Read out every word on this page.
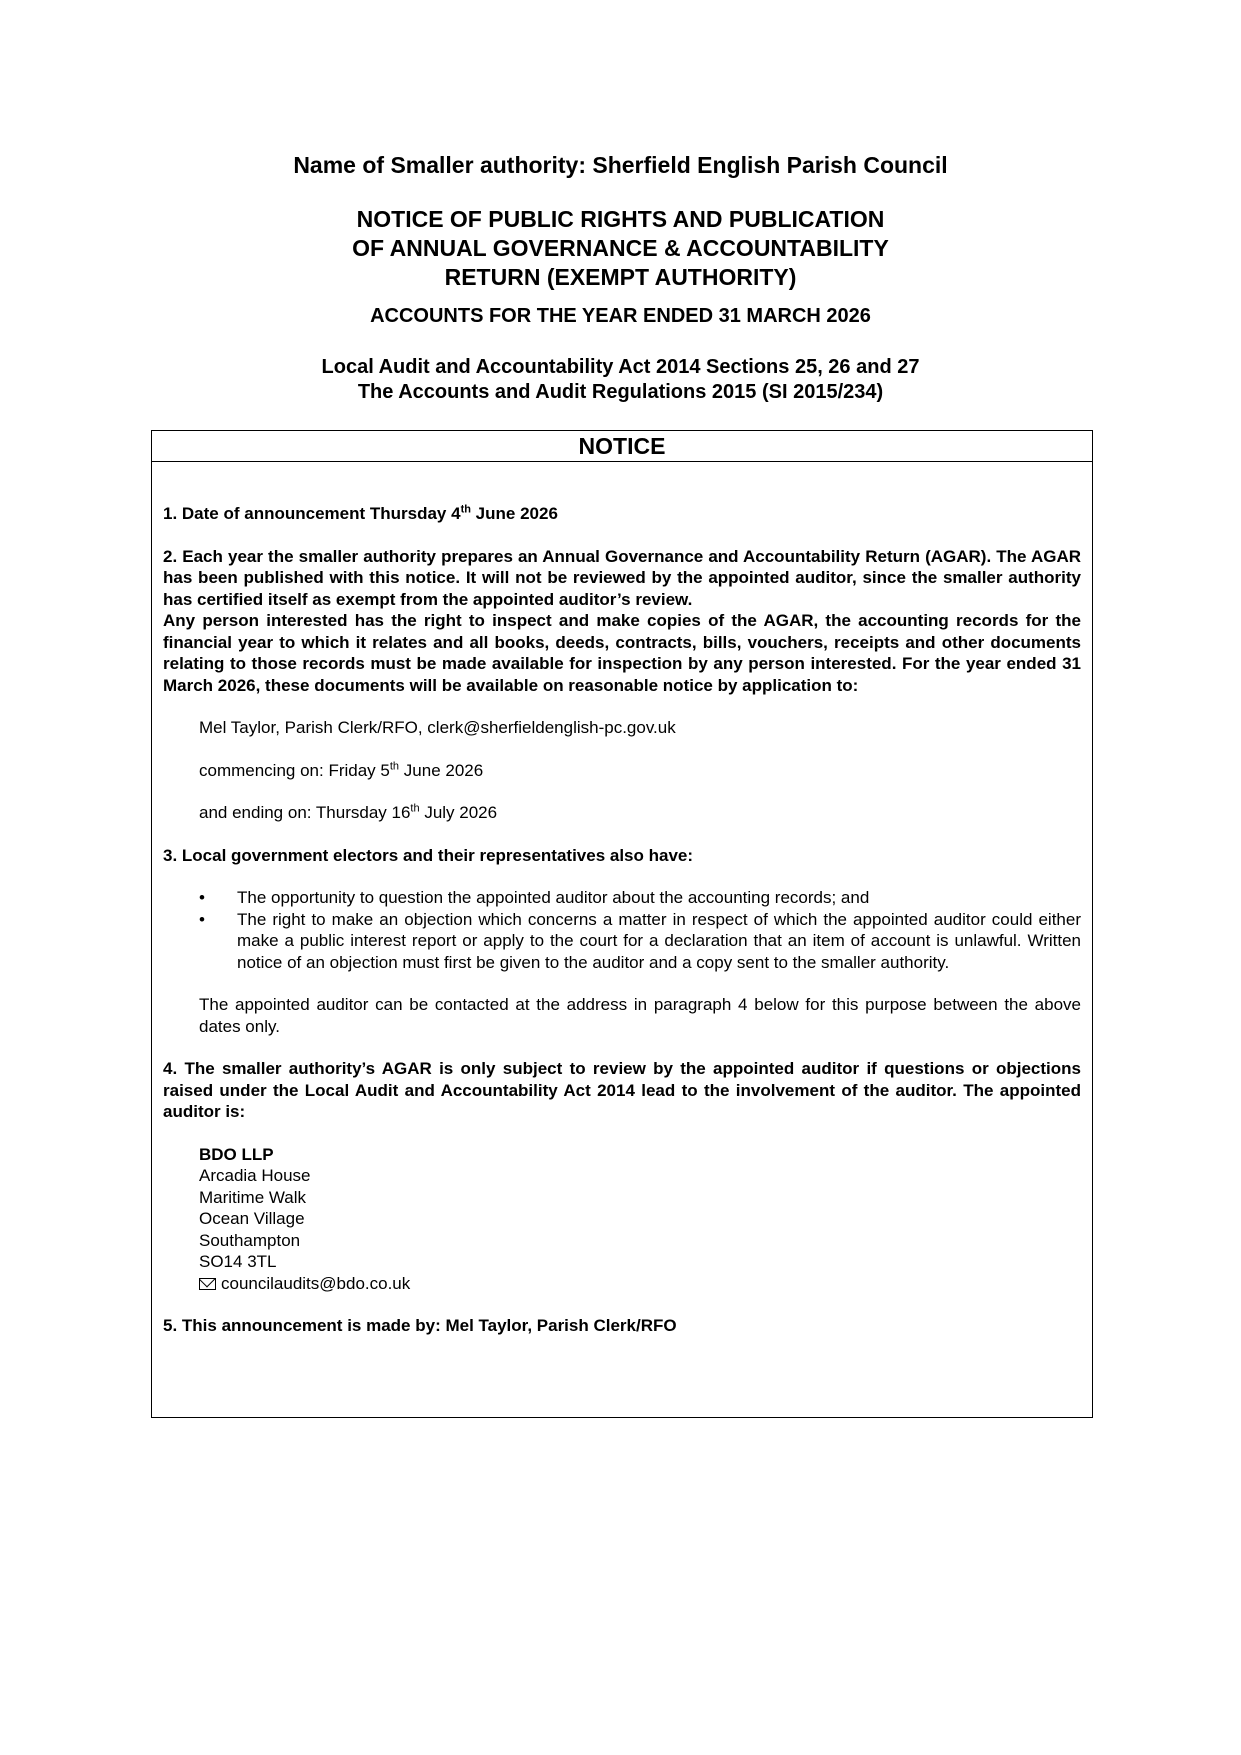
Name of Smaller authority: Sherfield English Parish Council
NOTICE OF PUBLIC RIGHTS AND PUBLICATION
OF ANNUAL GOVERNANCE & ACCOUNTABILITY
RETURN (EXEMPT AUTHORITY)
ACCOUNTS FOR THE YEAR ENDED 31 MARCH 2026
Local Audit and Accountability Act 2014 Sections 25, 26 and 27
The Accounts and Audit Regulations 2015 (SI 2015/234)
NOTICE

1. Date of announcement Thursday 4th June 2026

2. Each year the smaller authority prepares an Annual Governance and Accountability Return (AGAR). The AGAR has been published with this notice. It will not be reviewed by the appointed auditor, since the smaller authority has certified itself as exempt from the appointed auditor’s review.

Any person interested has the right to inspect and make copies of the AGAR, the accounting records for the financial year to which it relates and all books, deeds, contracts, bills, vouchers, receipts and other documents relating to those records must be made available for inspection by any person interested. For the year ended 31 March 2026, these documents will be available on reasonable notice by application to:

Mel Taylor, Parish Clerk/RFO, clerk@sherfieldenglish-pc.gov.uk

commencing on: Friday 5th June 2026

and ending on: Thursday 16th July 2026

3. Local government electors and their representatives also have:

• The opportunity to question the appointed auditor about the accounting records; and
• The right to make an objection which concerns a matter in respect of which the appointed auditor could either make a public interest report or apply to the court for a declaration that an item of account is unlawful. Written notice of an objection must first be given to the auditor and a copy sent to the smaller authority.

The appointed auditor can be contacted at the address in paragraph 4 below for this purpose between the above dates only.

4. The smaller authority’s AGAR is only subject to review by the appointed auditor if questions or objections raised under the Local Audit and Accountability Act 2014 lead to the involvement of the auditor. The appointed auditor is:

BDO LLP
Arcadia House
Maritime Walk
Ocean Village
Southampton
SO14 3TL
councilaudits@bdo.co.uk

5. This announcement is made by: Mel Taylor, Parish Clerk/RFO
